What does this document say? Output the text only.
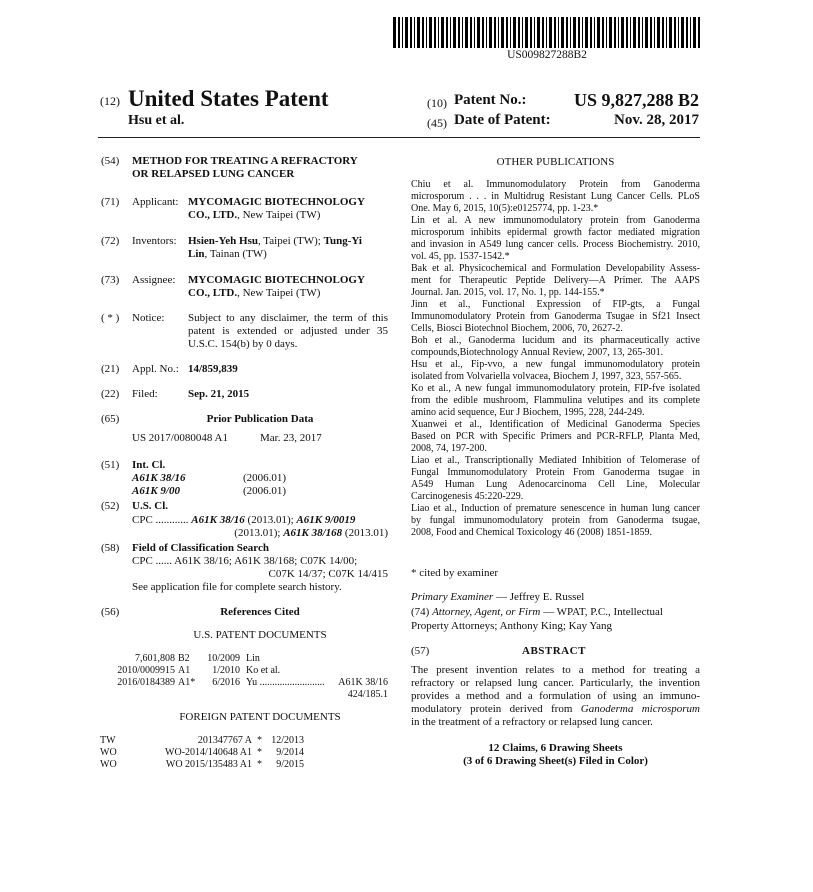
US009827288B2
(12) United States Patent
Hsu et al.
(10) Patent No.:	US 9,827,288 B2
(45) Date of Patent:	Nov. 28, 2017
(54) METHOD FOR TREATING A REFRACTORY
OR RELAPSED LUNG CANCER
(71) Applicant: MYCOMAGIC BIOTECHNOLOGY
CO., LTD., New Taipei (TW)
(72) Inventors: Hsien-Yeh Hsu, Taipei (TW); Tung-Yi
Lin, Tainan (TW)
(73) Assignee: MYCOMAGIC BIOTECHNOLOGY
CO., LTD., New Taipei (TW)
( * ) Notice: Subject to any disclaimer, the term of this
patent is extended or adjusted under 35
U.S.C. 154(b) by 0 days.
(21) Appl. No.: 14/859,839
(22) Filed:	Sep. 21, 2015
(65)	Prior Publication Data
US 2017/0080048 A1	Mar. 23, 2017
(51) Int. Cl.
A61K 38/16	(2006.01)
A61K 9/00	(2006.01)
(52) U.S. Cl.
CPC ............ A61K 38/16 (2013.01); A61K 9/0019
(2013.01); A61K 38/168 (2013.01)
(58) Field of Classification Search
CPC ...... A61K 38/16; A61K 38/168; C07K 14/00;
C07K 14/37; C07K 14/415
See application file for complete search history.
(56)	References Cited
U.S. PATENT DOCUMENTS
7,601,808 B2	10/2009 Lin
2010/0009915 A1	1/2010 Ko et al.
2016/0184389 A1*	6/2016 Yu ..........................	A61K 38/16
424/185.1
FOREIGN PATENT DOCUMENTS
TW	201347767 A * 12/2013
WO	WO-2014/140648 A1 *	9/2014
WO	WO 2015/135483 A1 *	9/2015
OTHER PUBLICATIONS
Chiu et al. Immunomodulatory Protein from Ganoderma
microsporum . . . in Multidrug Resistant Lung Cancer Cells. PLoS
One. May 6, 2015, 10(5):e0125774, pp. 1-23.*
Lin et al. A new immunomodulatory protein from Ganoderma
microsporum inhibits epidermal growth factor mediated migration
and invasion in A549 lung cancer cells. Process Biochemistry. 2010,
vol. 45, pp. 1537-1542.*
Bak et al. Physicochemical and Formulation Developability Assess-
ment for Therapeutic Peptide Delivery—A Primer. The AAPS
Journal. Jan. 2015, vol. 17, No. 1, pp. 144-155.*
Jinn et al., Functional Expression of FIP-gts, a Fungal
Immunomodulatory Protein from Ganoderma Tsugae in Sf21 Insect
Cells, Biosci Biotechnol Biochem, 2006, 70, 2627-2.
Boh et al., Ganoderma lucidum and its pharmaceutically active
compounds,Biotechnology Annual Review, 2007, 13, 265-301.
Hsu et al., Fip-vvo, a new fungal immunomodulatory protein
isolated from Volvariella volvacea, Biochem J, 1997, 323, 557-565.
Ko et al., A new fungal immunomodulatory protein, FIP-fve isolated
from the edible mushroom, Flammulina velutipes and its complete
amino acid sequence, Eur J Biochem, 1995, 228, 244-249.
Xuanwei et al., Identification of Medicinal Ganoderma Species
Based on PCR with Specific Primers and PCR-RFLP, Planta Med,
2008, 74, 197-200.
Liao et al., Transcriptionally Mediated Inhibition of Telomerase of
Fungal Immunomodulatory Protein From Ganoderma tsugae in
A549 Human Lung Adenocarcinoma Cell Line, Molecular
Carcinogenesis 45:220-229.
Liao et al., Induction of premature senescence in human lung cancer
by fungal immunomodulatory protein from Ganoderma tsugae,
2008, Food and Chemical Toxicology 46 (2008) 1851-1859.
* cited by examiner
Primary Examiner — Jeffrey E. Russel
(74) Attorney, Agent, or Firm — WPAT, P.C., Intellectual
Property Attorneys; Anthony King; Kay Yang
(57)	ABSTRACT
The present invention relates to a method for treating a
refractory or relapsed lung cancer. Particularly, the invention
provides a method and a formulation of using an immuno-
modulatory protein derived from Ganoderma microsporum
in the treatment of a refractory or relapsed lung cancer.
12 Claims, 6 Drawing Sheets
(3 of 6 Drawing Sheet(s) Filed in Color)
